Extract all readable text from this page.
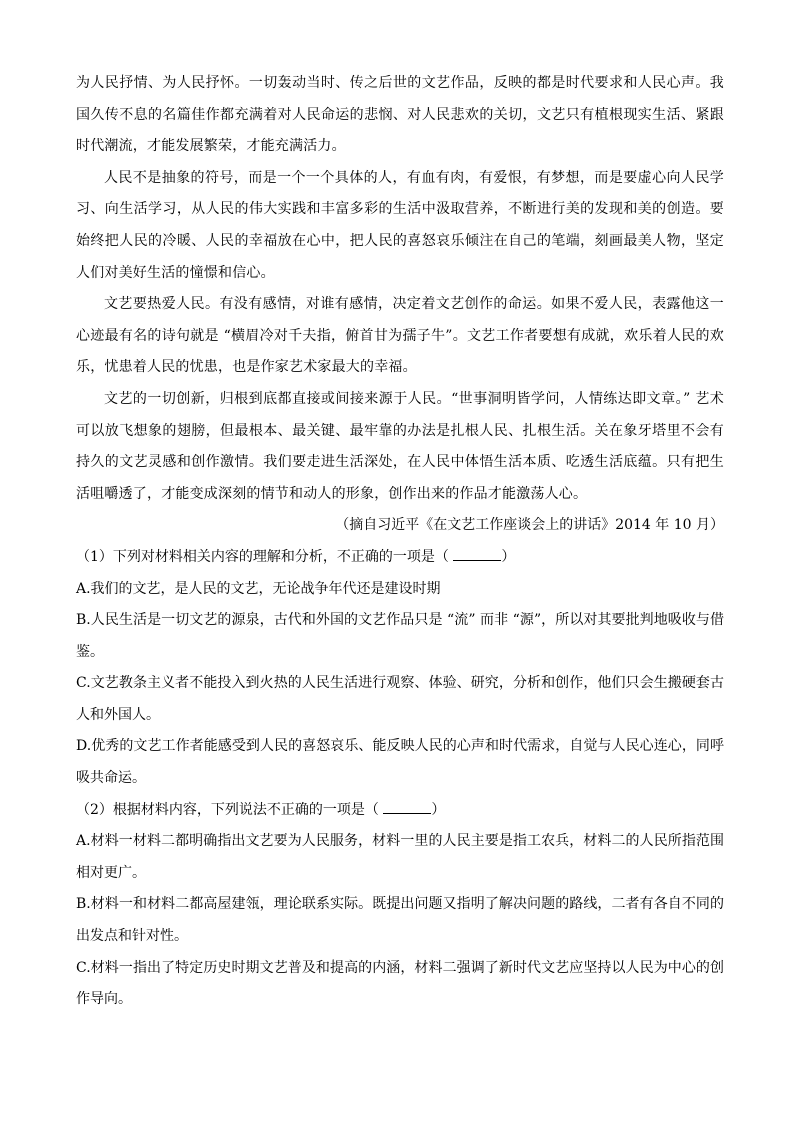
为人民抒情、为人民抒怀。一切轰动当时、传之后世的文艺作品，反映的都是时代要求和人民心声。我国久传不息的名篇佳作都充满着对人民命运的悲悯、对人民悲欢的关切，文艺只有植根现实生活、紧跟时代潮流，才能发展繁荣，才能充满活力。

人民不是抽象的符号，而是一个一个具体的人，有血有肉，有爱恨，有梦想，而是要虚心向人民学习、向生活学习，从人民的伟大实践和丰富多彩的生活中汲取营养，不断进行美的发现和美的创造。要始终把人民的冷暖、人民的幸福放在心中，把人民的喜怒哀乐倾注在自己的笔端，刻画最美人物，坚定人们对美好生活的憧憬和信心。

文艺要热爱人民。有没有感情，对谁有感情，决定着文艺创作的命运。如果不爱人民，表露他这一心迹最有名的诗句就是 “横眉冷对千夫指，俯首甘为孺子牛”。文艺工作者要想有成就，欢乐着人民的欢乐，忧患着人民的忧患，也是作家艺术家最大的幸福。

文艺的一切创新，归根到底都直接或间接来源于人民。“世事洞明皆学问，人情练达即文章。” 艺术可以放飞想象的翅膀，但最根本、最关键、最牢靠的办法是扎根人民、扎根生活。关在象牙塔里不会有持久的文艺灵感和创作激情。我们要走进生活深处，在人民中体悟生活本质、吃透生活底蕴。只有把生活咀嚼透了，才能变成深刻的情节和动人的形象，创作出来的作品才能激荡人心。

（摘自习近平《在文艺工作座谈会上的讲话》2014 年 10 月）

（1）下列对材料相关内容的理解和分析，不正确的一项是（	）

A.我们的文艺，是人民的文艺，无论战争年代还是建设时期

B.人民生活是一切文艺的源泉，古代和外国的文艺作品只是 “流” 而非 “源”，所以对其要批判地吸收与借鉴。

C.文艺教条主义者不能投入到火热的人民生活进行观察、体验、研究，分析和创作，他们只会生搬硬套古人和外国人。

D.优秀的文艺工作者能感受到人民的喜怒哀乐、能反映人民的心声和时代需求，自觉与人民心连心，同呼吸共命运。

（2）根据材料内容，下列说法不正确的一项是（	）

A.材料一材料二都明确指出文艺要为人民服务，材料一里的人民主要是指工农兵，材料二的人民所指范围相对更广。

B.材料一和材料二都高屋建瓴，理论联系实际。既提出问题又指明了解决问题的路线，二者有各自不同的出发点和针对性。

C.材料一指出了特定历史时期文艺普及和提高的内涵，材料二强调了新时代文艺应坚持以人民为中心的创作导向。
